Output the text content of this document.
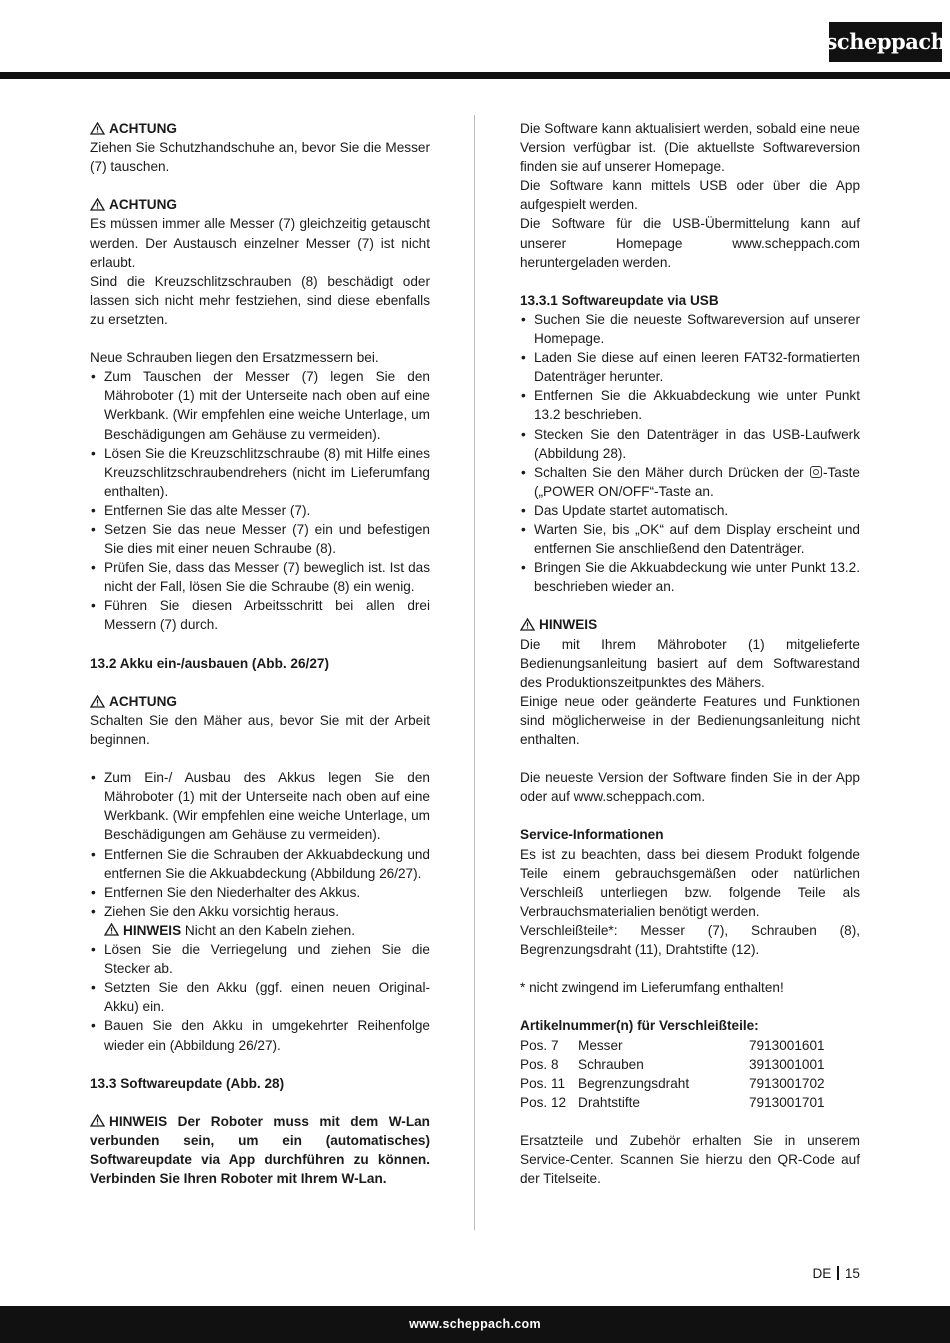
scheppach

ACHTUNG

Ziehen Sie Schutzhandschuhe an, bevor Sie die Messer (7) tauschen.

ACHTUNG

Es müssen immer alle Messer (7) gleichzeitig getauscht werden. Der Austausch einzelner Messer (7) ist nicht erlaubt.

Sind die Kreuzschlitzschrauben (8) beschädigt oder lassen sich nicht mehr festziehen, sind diese ebenfalls zu ersetzten.

Neue Schrauben liegen den Ersatzmessern bei.

• Zum Tauschen der Messer (7) legen Sie den Mähroboter (1) mit der Unterseite nach oben auf eine Werkbank. (Wir empfehlen eine weiche Unterlage, um Beschädigungen am Gehäuse zu vermeiden).
• Lösen Sie die Kreuzschlitzschraube (8) mit Hilfe eines Kreuzschlitzschraubendrehers (nicht im Lieferumfang enthalten).
• Entfernen Sie das alte Messer (7).
• Setzen Sie das neue Messer (7) ein und befestigen Sie dies mit einer neuen Schraube (8).
• Prüfen Sie, dass das Messer (7) beweglich ist. Ist das nicht der Fall, lösen Sie die Schraube (8) ein wenig.
• Führen Sie diesen Arbeitsschritt bei allen drei Messern (7) durch.

13.2 Akku ein-/ausbauen (Abb. 26/27)

ACHTUNG

Schalten Sie den Mäher aus, bevor Sie mit der Arbeit beginnen.

• Zum Ein-/ Ausbau des Akkus legen Sie den Mähroboter (1) mit der Unterseite nach oben auf eine Werkbank. (Wir empfehlen eine weiche Unterlage, um Beschädigungen am Gehäuse zu vermeiden).
• Entfernen Sie die Schrauben der Akkuabdeckung und entfernen Sie die Akkuabdeckung (Abbildung 26/27).
• Entfernen Sie den Niederhalter des Akkus.
• Ziehen Sie den Akku vorsichtig heraus.
HINWEIS Nicht an den Kabeln ziehen.
• Lösen Sie die Verriegelung und ziehen Sie die Stecker ab.
• Setzten Sie den Akku (ggf. einen neuen Original-Akku) ein.
• Bauen Sie den Akku in umgekehrter Reihenfolge wieder ein (Abbildung 26/27).

13.3 Softwareupdate (Abb. 28)

HINWEIS Der Roboter muss mit dem W-Lan verbunden sein, um ein (automatisches) Softwareupdate via App durchführen zu können. Verbinden Sie Ihren Roboter mit Ihrem W-Lan.

Die Software kann aktualisiert werden, sobald eine neue Version verfügbar ist. (Die aktuellste Softwareversion finden sie auf unserer Homepage.

Die Software kann mittels USB oder über die App aufgespielt werden.

Die Software für die USB-Übermittelung kann auf unserer Homepage www.scheppach.com heruntergeladen werden.

13.3.1 Softwareupdate via USB

• Suchen Sie die neueste Softwareversion auf unserer Homepage.
• Laden Sie diese auf einen leeren FAT32-formatierten Datenträger herunter.
• Entfernen Sie die Akkuabdeckung wie unter Punkt 13.2 beschrieben.
• Stecken Sie den Datenträger in das USB-Laufwerk (Abbildung 28).
• Schalten Sie den Mäher durch Drücken der -Taste („POWER ON/OFF“-Taste an.
• Das Update startet automatisch.
• Warten Sie, bis „OK“ auf dem Display erscheint und entfernen Sie anschließend den Datenträger.
• Bringen Sie die Akkuabdeckung wie unter Punkt 13.2. beschrieben wieder an.

HINWEIS

Die mit Ihrem Mähroboter (1) mitgelieferte Bedienungsanleitung basiert auf dem Softwarestand des Produktionszeitpunktes des Mähers.

Einige neue oder geänderte Features und Funktionen sind möglicherweise in der Bedienungsanleitung nicht enthalten.

Die neueste Version der Software finden Sie in der App oder auf www.scheppach.com.

Service-Informationen

Es ist zu beachten, dass bei diesem Produkt folgende Teile einem gebrauchsgemäßen oder natürlichen Verschleiß unterliegen bzw. folgende Teile als Verbrauchsmaterialien benötigt werden.

Verschleißteile*: Messer (7), Schrauben (8), Begrenzungsdraht (11), Drahtstifte (12).

* nicht zwingend im Lieferumfang enthalten!

Artikelnummer(n) für Verschleißteile:

Pos. 7	Messer	7913001601
Pos. 8	Schrauben	3913001001
Pos. 11	Begrenzungsdraht	7913001702
Pos. 12	Drahtstifte	7913001701

Ersatzteile und Zubehör erhalten Sie in unserem Service-Center. Scannen Sie hierzu den QR-Code auf der Titelseite.

DE 15
www.scheppach.com
